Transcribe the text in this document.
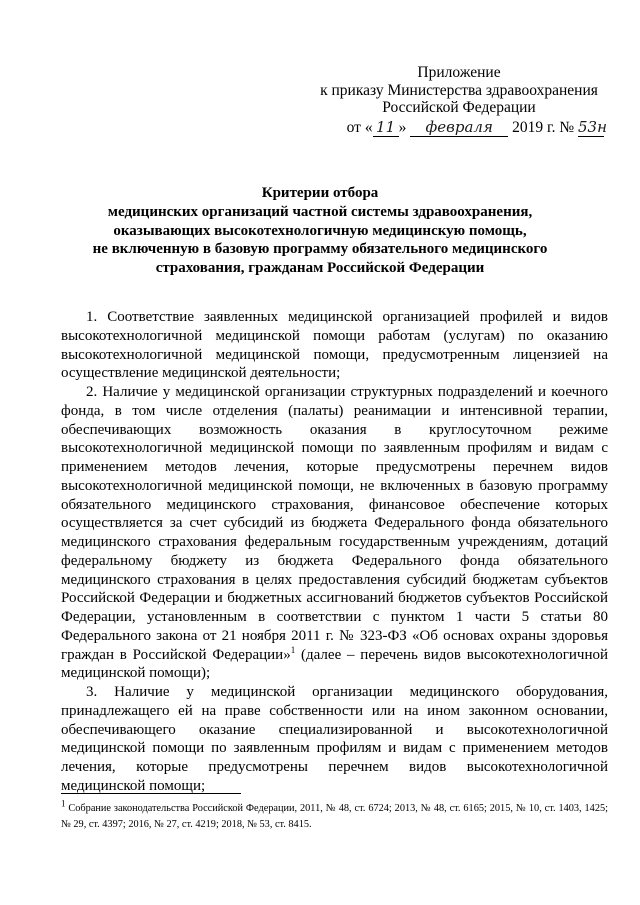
Приложение
к приказу Министерства здравоохранения
Российской Федерации
от « 11 » февраля 2019 г. № 53н
Критерии отбора
медицинских организаций частной системы здравоохранения,
оказывающих высокотехнологичную медицинскую помощь,
не включенную в базовую программу обязательного медицинского
страхования, гражданам Российской Федерации

1. Соответствие заявленных медицинской организацией профилей и видов высокотехнологичной медицинской помощи работам (услугам) по оказанию высокотехнологичной медицинской помощи, предусмотренным лицензией на осуществление медицинской деятельности;

2. Наличие у медицинской организации структурных подразделений и коечного фонда, в том числе отделения (палаты) реанимации и интенсивной терапии, обеспечивающих возможность оказания в круглосуточном режиме высокотехнологичной медицинской помощи по заявленным профилям и видам с применением методов лечения, которые предусмотрены перечнем видов высокотехнологичной медицинской помощи, не включенных в базовую программу обязательного медицинского страхования, финансовое обеспечение которых осуществляется за счет субсидий из бюджета Федерального фонда обязательного медицинского страхования федеральным государственным учреждениям, дотаций федеральному бюджету из бюджета Федерального фонда обязательного медицинского страхования в целях предоставления субсидий бюджетам субъектов Российской Федерации и бюджетных ассигнований бюджетов субъектов Российской Федерации, установленным в соответствии с пунктом 1 части 5 статьи 80 Федерального закона от 21 ноября 2011 г. № 323-ФЗ «Об основах охраны здоровья граждан в Российской Федерации»$^1$ (далее – перечень видов высокотехнологичной медицинской помощи);

3. Наличие у медицинской организации медицинского оборудования, принадлежащего ей на праве собственности или на ином законном основании, обеспечивающего оказание специализированной и высокотехнологичной медицинской помощи по заявленным профилям и видам с применением методов лечения, которые предусмотрены перечнем видов высокотехнологичной медицинской помощи;

$^1$ Собрание законодательства Российской Федерации, 2011, № 48, ст. 6724; 2013, № 48, ст. 6165; 2015, № 10, ст. 1403, 1425; № 29, ст. 4397; 2016, № 27, ст. 4219; 2018, № 53, ст. 8415.
